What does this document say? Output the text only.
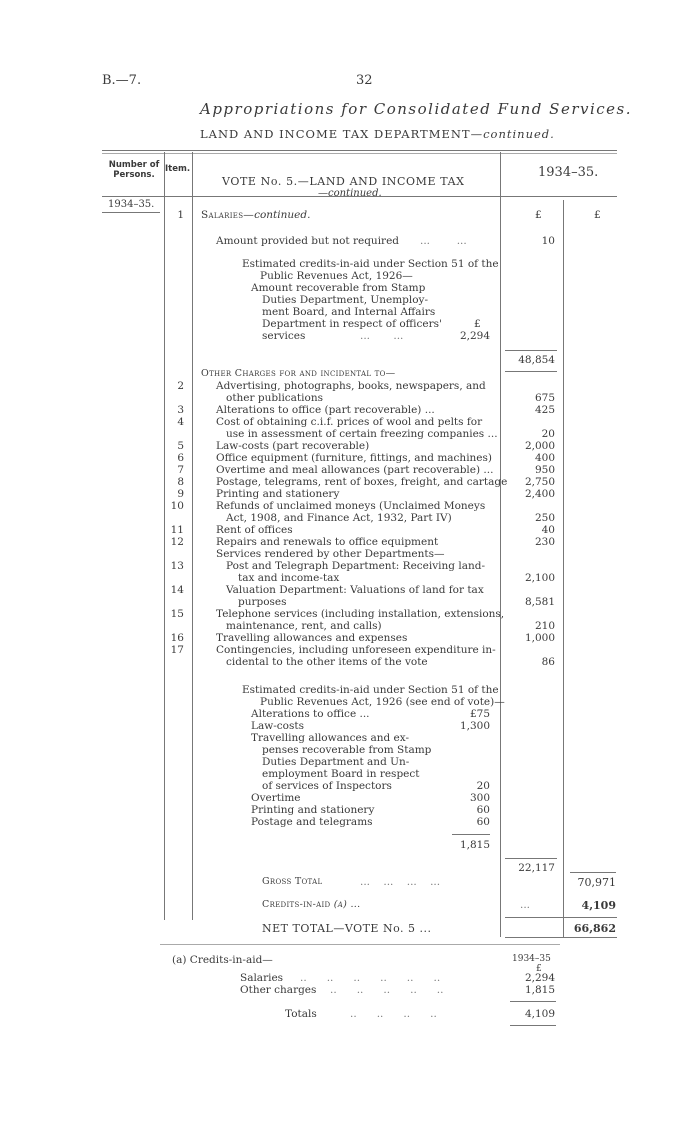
B.—7.	32
Appropriations for Consolidated Fund Services.
LAND AND INCOME TAX DEPARTMENT—continued.
Number of Persons.
Item.
VOTE No. 5.—LAND AND INCOME TAX
—continued.
1934–35.
1934–35.
1 Salaries—continued.	£	£
Amount provided but not required ...        ...	10
Estimated credits-in-aid under Section 51 of the
Public Revenues Act, 1926—
Amount recoverable from Stamp
Duties Department, Unemploy-
ment Board, and Internal Affairs
Department in respect of officers'	£
services	...       ...	2,294
48,854
Other Charges for and incidental to—
2	Advertising, photographs, books, newspapers, and
other publications	675
3	Alterations to office (part recoverable) ...	425
4	Cost of obtaining c.i.f. prices of wool and pelts for
use in assessment of certain freezing companies ...	20
5	Law-costs (part recoverable)	2,000
6	Office equipment (furniture, fittings, and machines)	400
7	Overtime and meal allowances (part recoverable) ...	950
8	Postage, telegrams, rent of boxes, freight, and cartage	2,750
9	Printing and stationery	2,400
10	Refunds of unclaimed moneys (Unclaimed Moneys
Act, 1908, and Finance Act, 1932, Part IV)	250
11	Rent of offices	40
12	Repairs and renewals to office equipment	230
Services rendered by other Departments—
13	Post and Telegraph Department: Receiving land-
tax and income-tax	2,100
14	Valuation Department: Valuations of land for tax
purposes	8,581
15	Telephone services (including installation, extensions,
maintenance, rent, and calls)	210
16	Travelling allowances and expenses	1,000
17	Contingencies, including unforeseen expenditure in-
cidental to the other items of the vote	86
Estimated credits-in-aid under Section 51 of the
Public Revenues Act, 1926 (see end of vote)—
Alterations to office ...	£75
Law-costs	1,300
Travelling allowances and ex-
penses recoverable from Stamp
Duties Department and Un-
employment Board in respect
of services of Inspectors	20
Overtime	300
Printing and stationery	60
Postage and telegrams	60
1,815
22,117
Gross Total	...    ...    ...    ...	70,971
Credits-in-aid (a) ...	...	4,109
NET TOTAL—VOTE No. 5 ...	66,862
(a) Credits-in-aid—	1934–35
£
Salaries ..      ..      ..      ..      ..      ..	2,294
Other charges ..      ..      ..      ..      ..	1,815
Totals	..      ..      ..      ..	4,109
